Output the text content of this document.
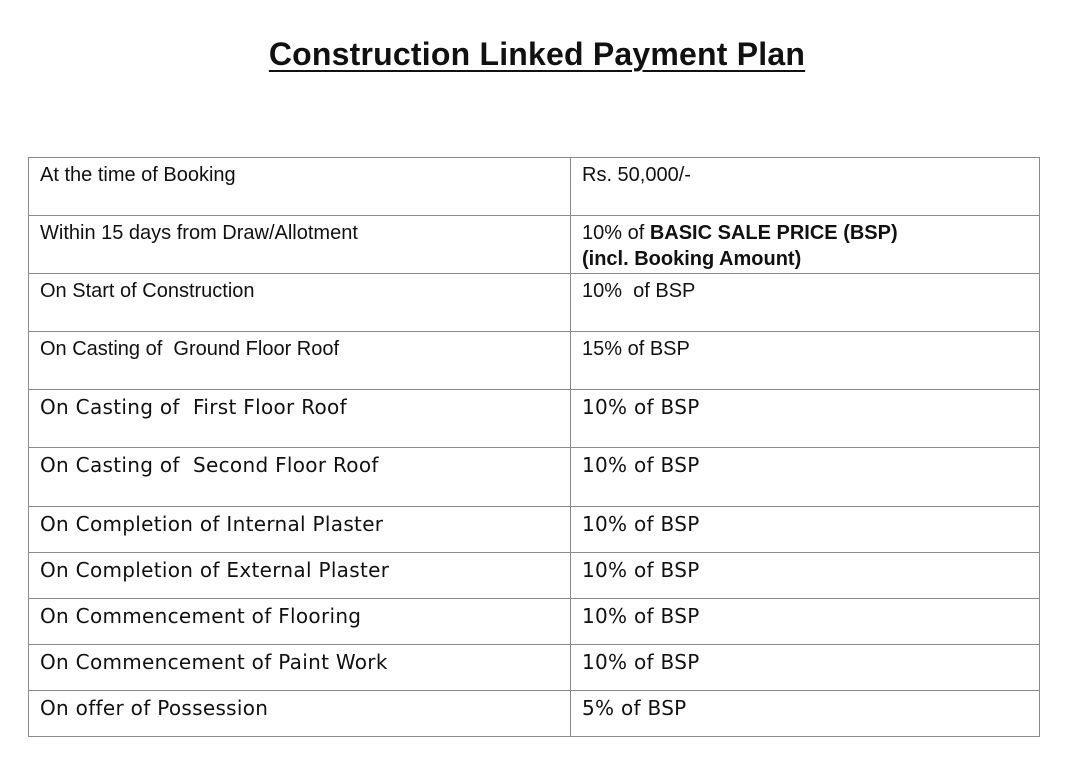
Construction Linked Payment Plan
At the time of Booking	Rs. 50,000/-
Within 15 days from Draw/Allotment	10% of BASIC SALE PRICE (BSP)
(incl. Booking Amount)

On Start of Construction	10%  of BSP
On Casting of  Ground Floor Roof	15% of BSP
On Casting of  First Floor Roof	10% of BSP
On Casting of  Second Floor Roof	10% of BSP
On Completion of Internal Plaster	10% of BSP
On Completion of External Plaster	10% of BSP
On Commencement of Flooring	10% of BSP
On Commencement of Paint Work	10% of BSP
On offer of Possession	5% of BSP
